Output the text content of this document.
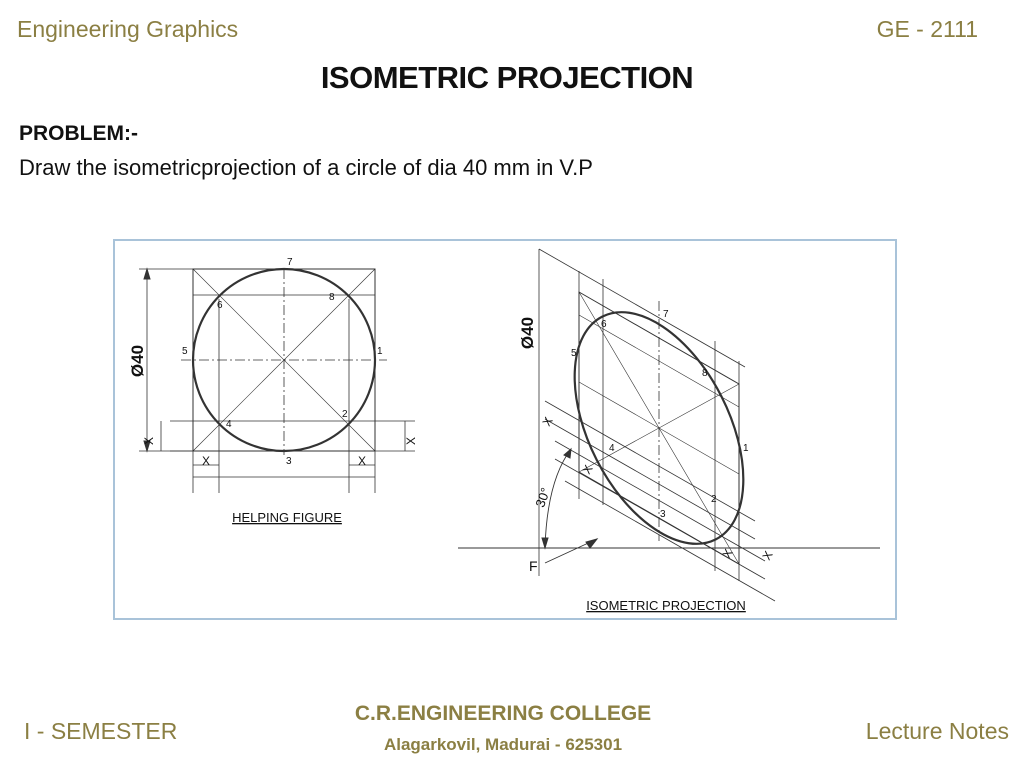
Engineering Graphics	GE - 2111
ISOMETRIC PROJECTION
PROBLEM:-
Draw the isometricprojection of a circle of dia 40 mm in V.P
Ø40
X	X
X	X
1
2
3
4
5
6
7
8
HELPING FIGURE
Ø40
30°
F
X
X
X X
1
2
3
4
5
6
7
8
ISOMETRIC PROJECTION
I - SEMESTER
C.R.ENGINEERING COLLEGE
Alagarkovil, Madurai - 625301
Lecture Notes
